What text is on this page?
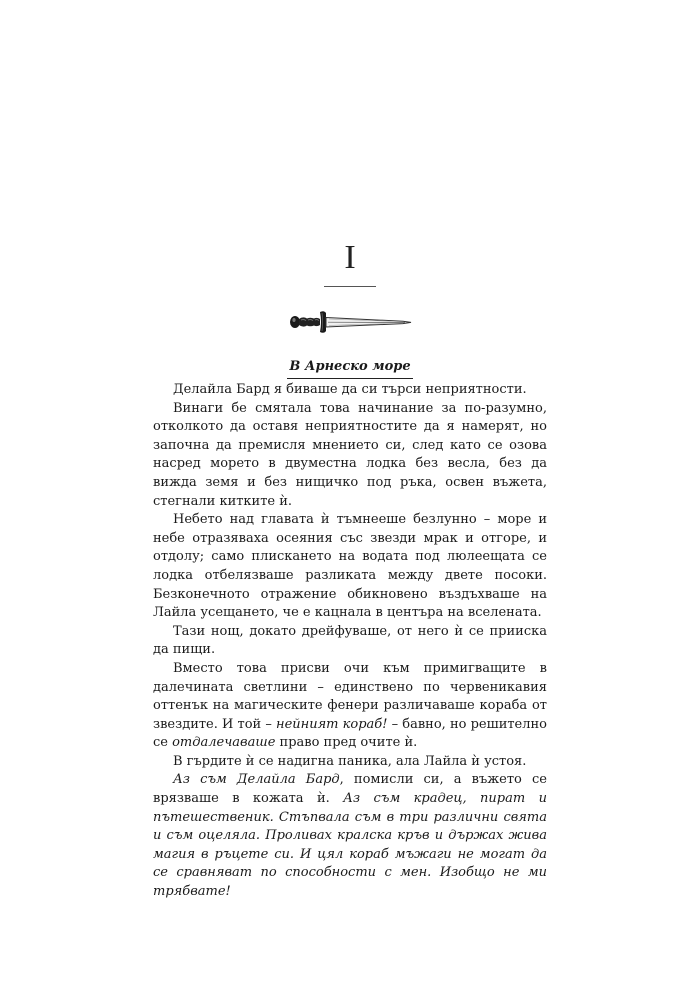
I
В Арнеско море

Делайла Бард я биваше да си търси неприятности.

Винаги бе смятала това начинание за по-разумно, отколкото да оставя неприятностите да я намерят, но започна да премисля мнението си, след като се озова насред морето в двуместна лодка без весла, без да вижда земя и без нищичко под ръка, освен въжета, стегнали китките ѝ.

Небето над главата ѝ тъмнееше безлунно – море и небе отразяваха осеяния със звезди мрак и отгоре, и отдолу; само плискането на водата под люлеещата се лодка отбелязваше разликата между двете посоки. Безконечното отражение обикновено въздъхваше на Лайла усещането, че е кацнала в центъра на вселената.

Тази нощ, докато дрейфуваше, от него ѝ се прииска да пищи.

Вместо това присви очи към примигващите в далечината светлини – единствено по червеникавия оттенък на магическите фенери различаваше кораба от звездите. И той – нейният кораб! – бавно, но решително се отдалечаваше право пред очите ѝ.

В гърдите ѝ се надигна паника, ала Лайла ѝ устоя.

Аз съм Делайла Бард, помисли си, а въжето се врязваше в кожата ѝ. Аз съм крадец, пират и пътешественик. Стъпвала съм в три различни свята и съм оцеляла. Проливах кралска кръв и държах жива магия в ръцете си. И цял кораб мъжаги не могат да се сравняват по способности с мен. Изобщо не ми трябвате!
